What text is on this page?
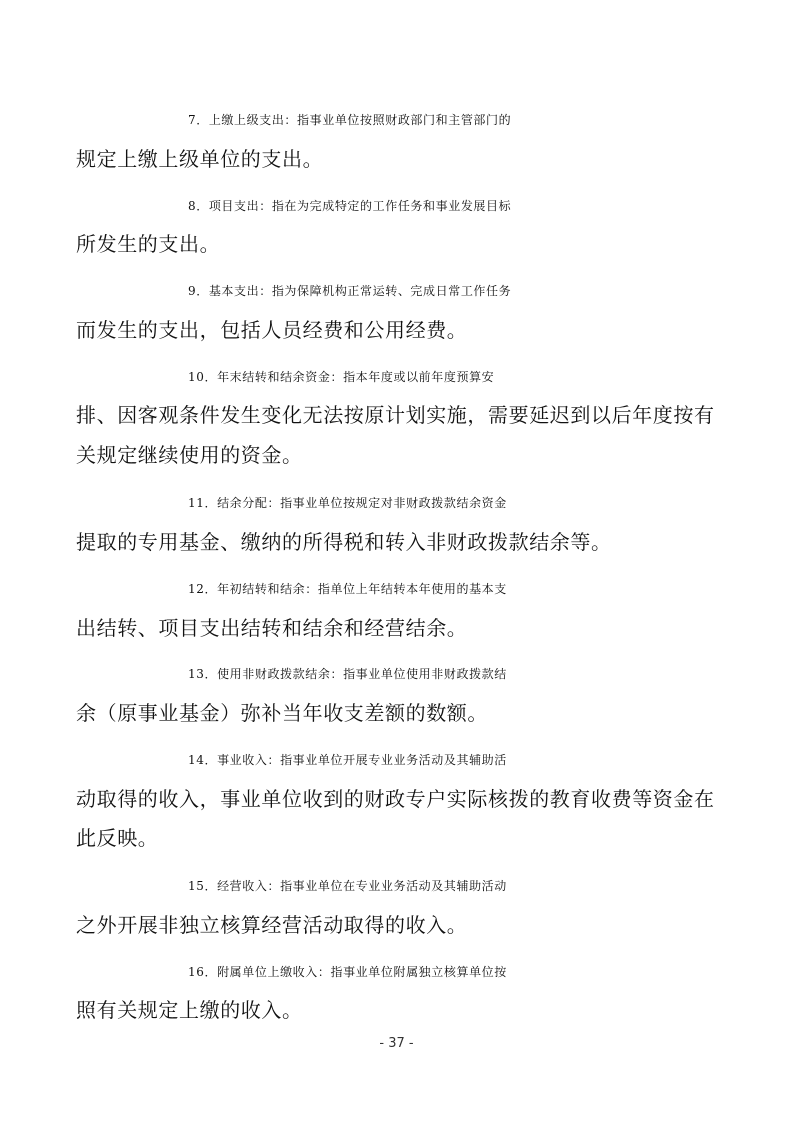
7．上缴上级支出：指事业单位按照财政部门和主管部门的
规定上缴上级单位的支出。
8．项目支出：指在为完成特定的工作任务和事业发展目标
所发生的支出。
9．基本支出：指为保障机构正常运转、完成日常工作任务
而发生的支出，包括人员经费和公用经费。
10．年末结转和结余资金：指本年度或以前年度预算安
排、因客观条件发生变化无法按原计划实施，需要延迟到以后年度按有
关规定继续使用的资金。
11．结余分配：指事业单位按规定对非财政拨款结余资金
提取的专用基金、缴纳的所得税和转入非财政拨款结余等。
12．年初结转和结余：指单位上年结转本年使用的基本支
出结转、项目支出结转和结余和经营结余。
13．使用非财政拨款结余：指事业单位使用非财政拨款结
余（原事业基金）弥补当年收支差额的数额。
14．事业收入：指事业单位开展专业业务活动及其辅助活
动取得的收入，事业单位收到的财政专户实际核拨的教育收费等资金在
此反映。
15．经营收入：指事业单位在专业业务活动及其辅助活动
之外开展非独立核算经营活动取得的收入。
16．附属单位上缴收入：指事业单位附属独立核算单位按
照有关规定上缴的收入。
- 37 -
